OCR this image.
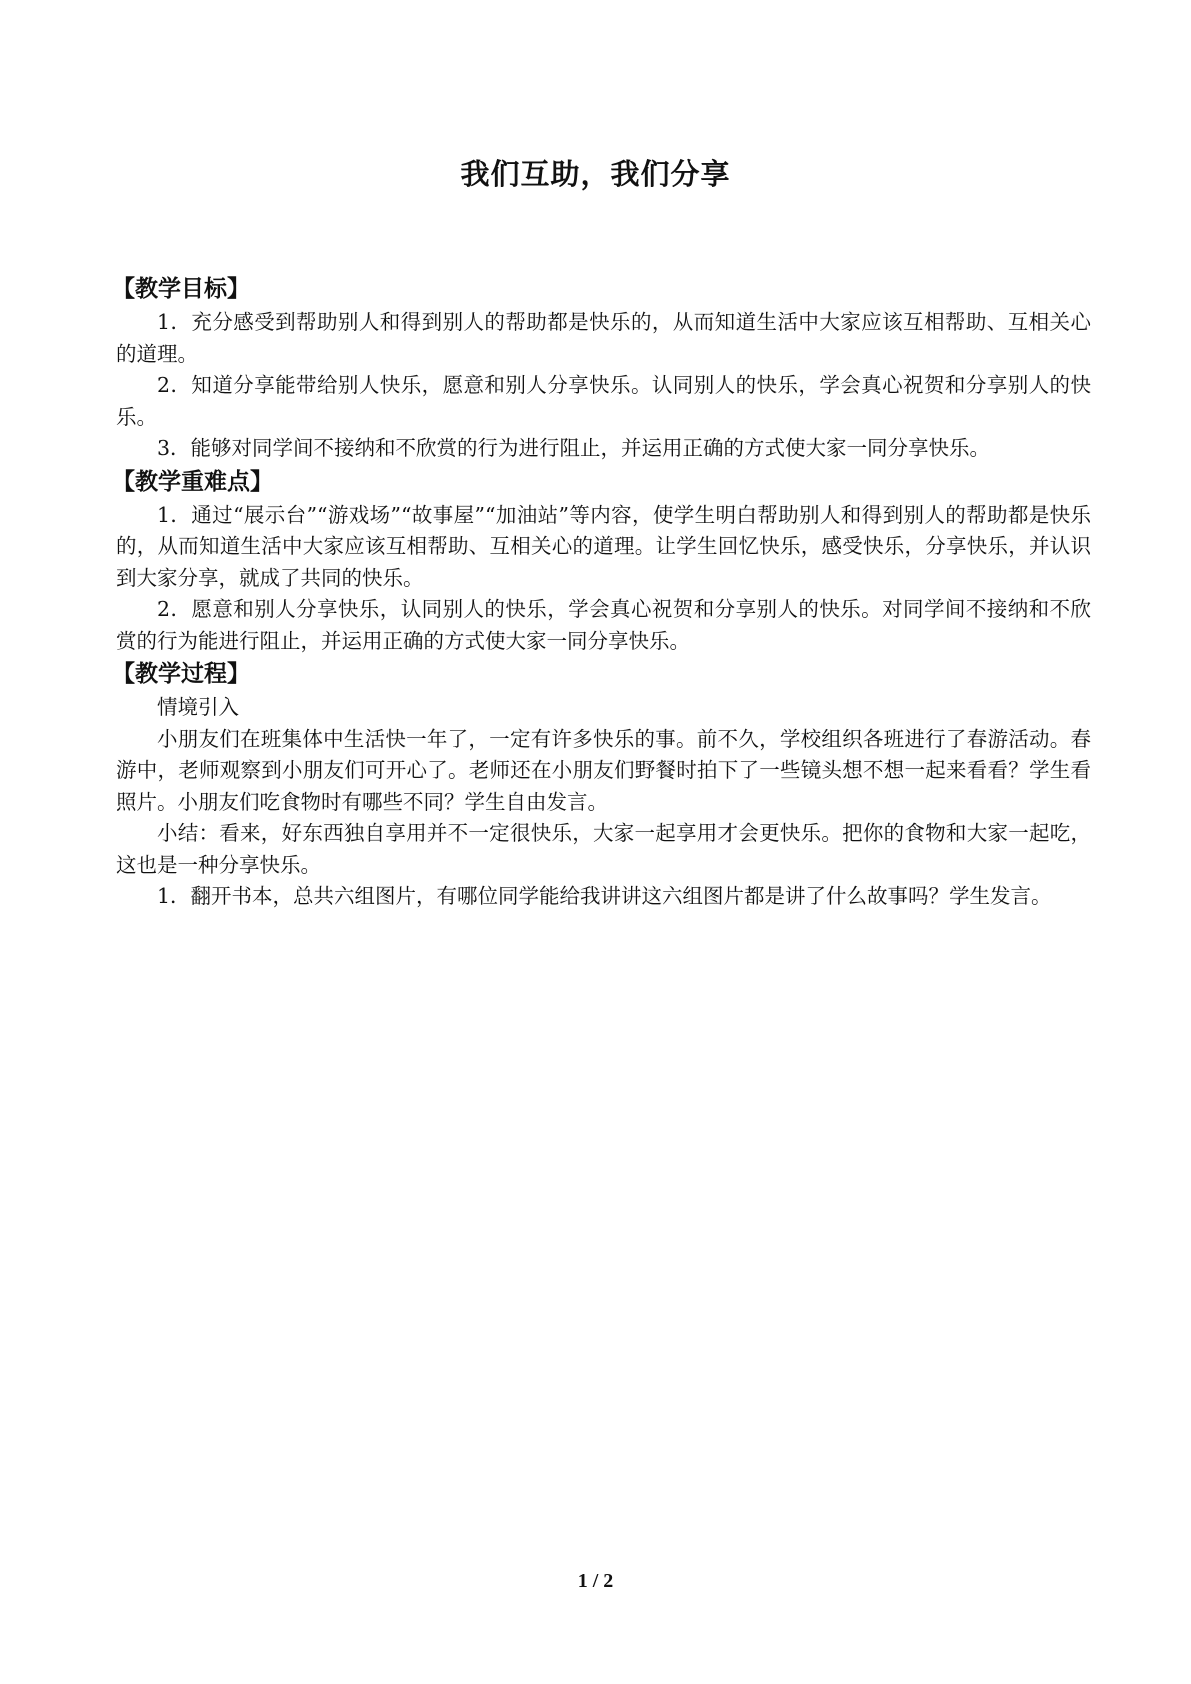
我们互助，我们分享
【教学目标】

1．充分感受到帮助别人和得到别人的帮助都是快乐的，从而知道生活中大家应该互相帮助、互相关心的道理。

2．知道分享能带给别人快乐，愿意和别人分享快乐。认同别人的快乐，学会真心祝贺和分享别人的快乐。

3．能够对同学间不接纳和不欣赏的行为进行阻止，并运用正确的方式使大家一同分享快乐。

【教学重难点】

1．通过“展示台”“游戏场”“故事屋”“加油站”等内容，使学生明白帮助别人和得到别人的帮助都是快乐的，从而知道生活中大家应该互相帮助、互相关心的道理。让学生回忆快乐，感受快乐，分享快乐，并认识到大家分享，就成了共同的快乐。

2．愿意和别人分享快乐，认同别人的快乐，学会真心祝贺和分享别人的快乐。对同学间不接纳和不欣赏的行为能进行阻止，并运用正确的方式使大家一同分享快乐。

【教学过程】

情境引入

小朋友们在班集体中生活快一年了，一定有许多快乐的事。前不久，学校组织各班进行了春游活动。春游中，老师观察到小朋友们可开心了。老师还在小朋友们野餐时拍下了一些镜头想不想一起来看看？学生看照片。小朋友们吃食物时有哪些不同？学生自由发言。

小结：看来，好东西独自享用并不一定很快乐，大家一起享用才会更快乐。把你的食物和大家一起吃，这也是一种分享快乐。

1．翻开书本，总共六组图片，有哪位同学能给我讲讲这六组图片都是讲了什么故事吗？学生发言。

1 / 2
